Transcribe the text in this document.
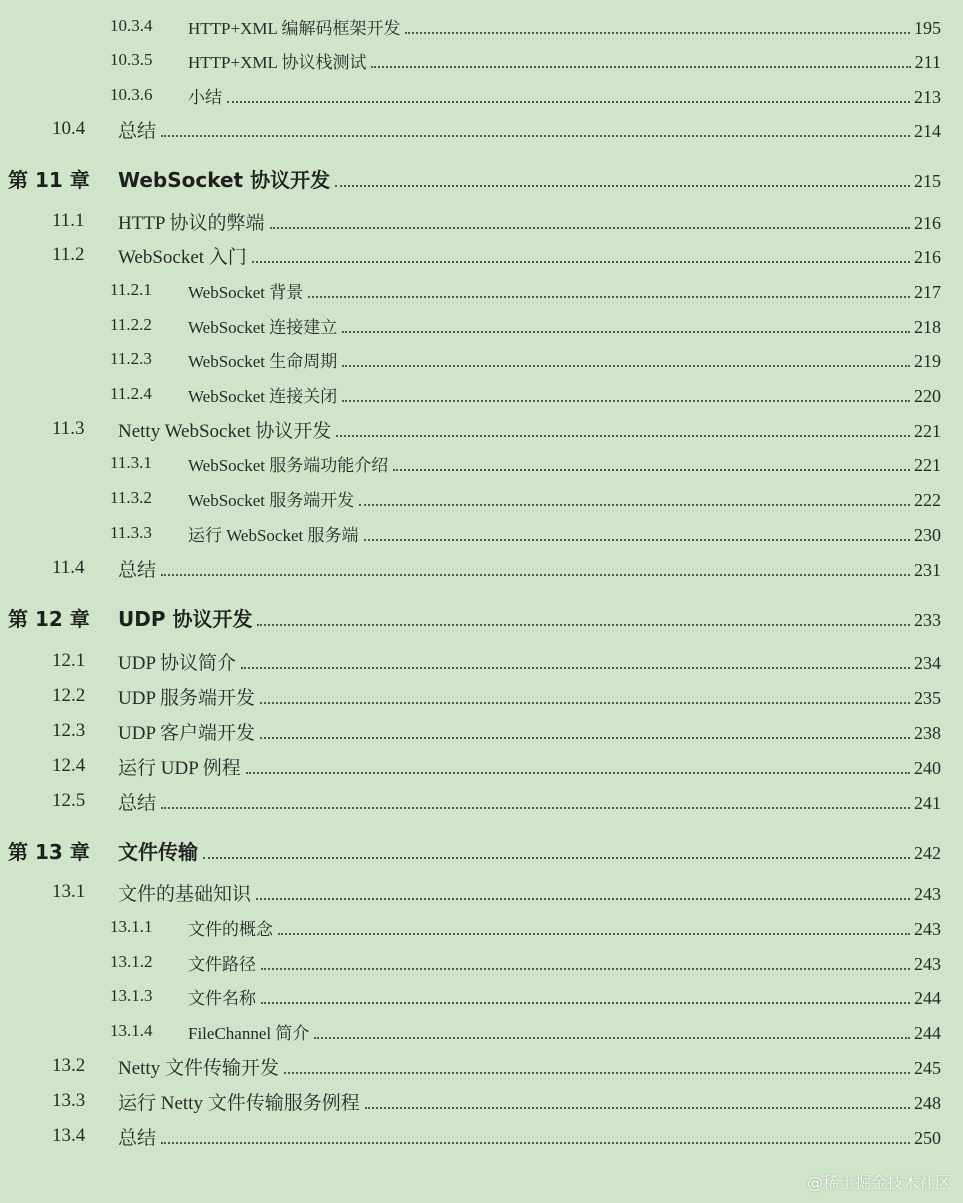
10.3.4 HTTP+XML 编解码框架开发	195
10.3.5 HTTP+XML 协议栈测试	211
10.3.6 小结	213
10.4 总结	214
第 11 章 WebSocket 协议开发	215
11.1 HTTP 协议的弊端	216
11.2 WebSocket 入门	216
11.2.1 WebSocket 背景	217
11.2.2 WebSocket 连接建立	218
11.2.3 WebSocket 生命周期	219
11.2.4 WebSocket 连接关闭	220
11.3 Netty WebSocket 协议开发	221
11.3.1 WebSocket 服务端功能介绍	221
11.3.2 WebSocket 服务端开发	222
11.3.3 运行 WebSocket 服务端	230
11.4 总结	231
第 12 章 UDP 协议开发	233
12.1 UDP 协议简介	234
12.2 UDP 服务端开发	235
12.3 UDP 客户端开发	238
12.4 运行 UDP 例程	240
12.5 总结	241
第 13 章 文件传输	242
13.1 文件的基础知识	243
13.1.1 文件的概念	243
13.1.2 文件路径	243
13.1.3 文件名称	244
13.1.4 FileChannel 简介	244
13.2 Netty 文件传输开发	245
13.3 运行 Netty 文件传输服务例程	248
13.4 总结	250
@稀土掘金技术社区
